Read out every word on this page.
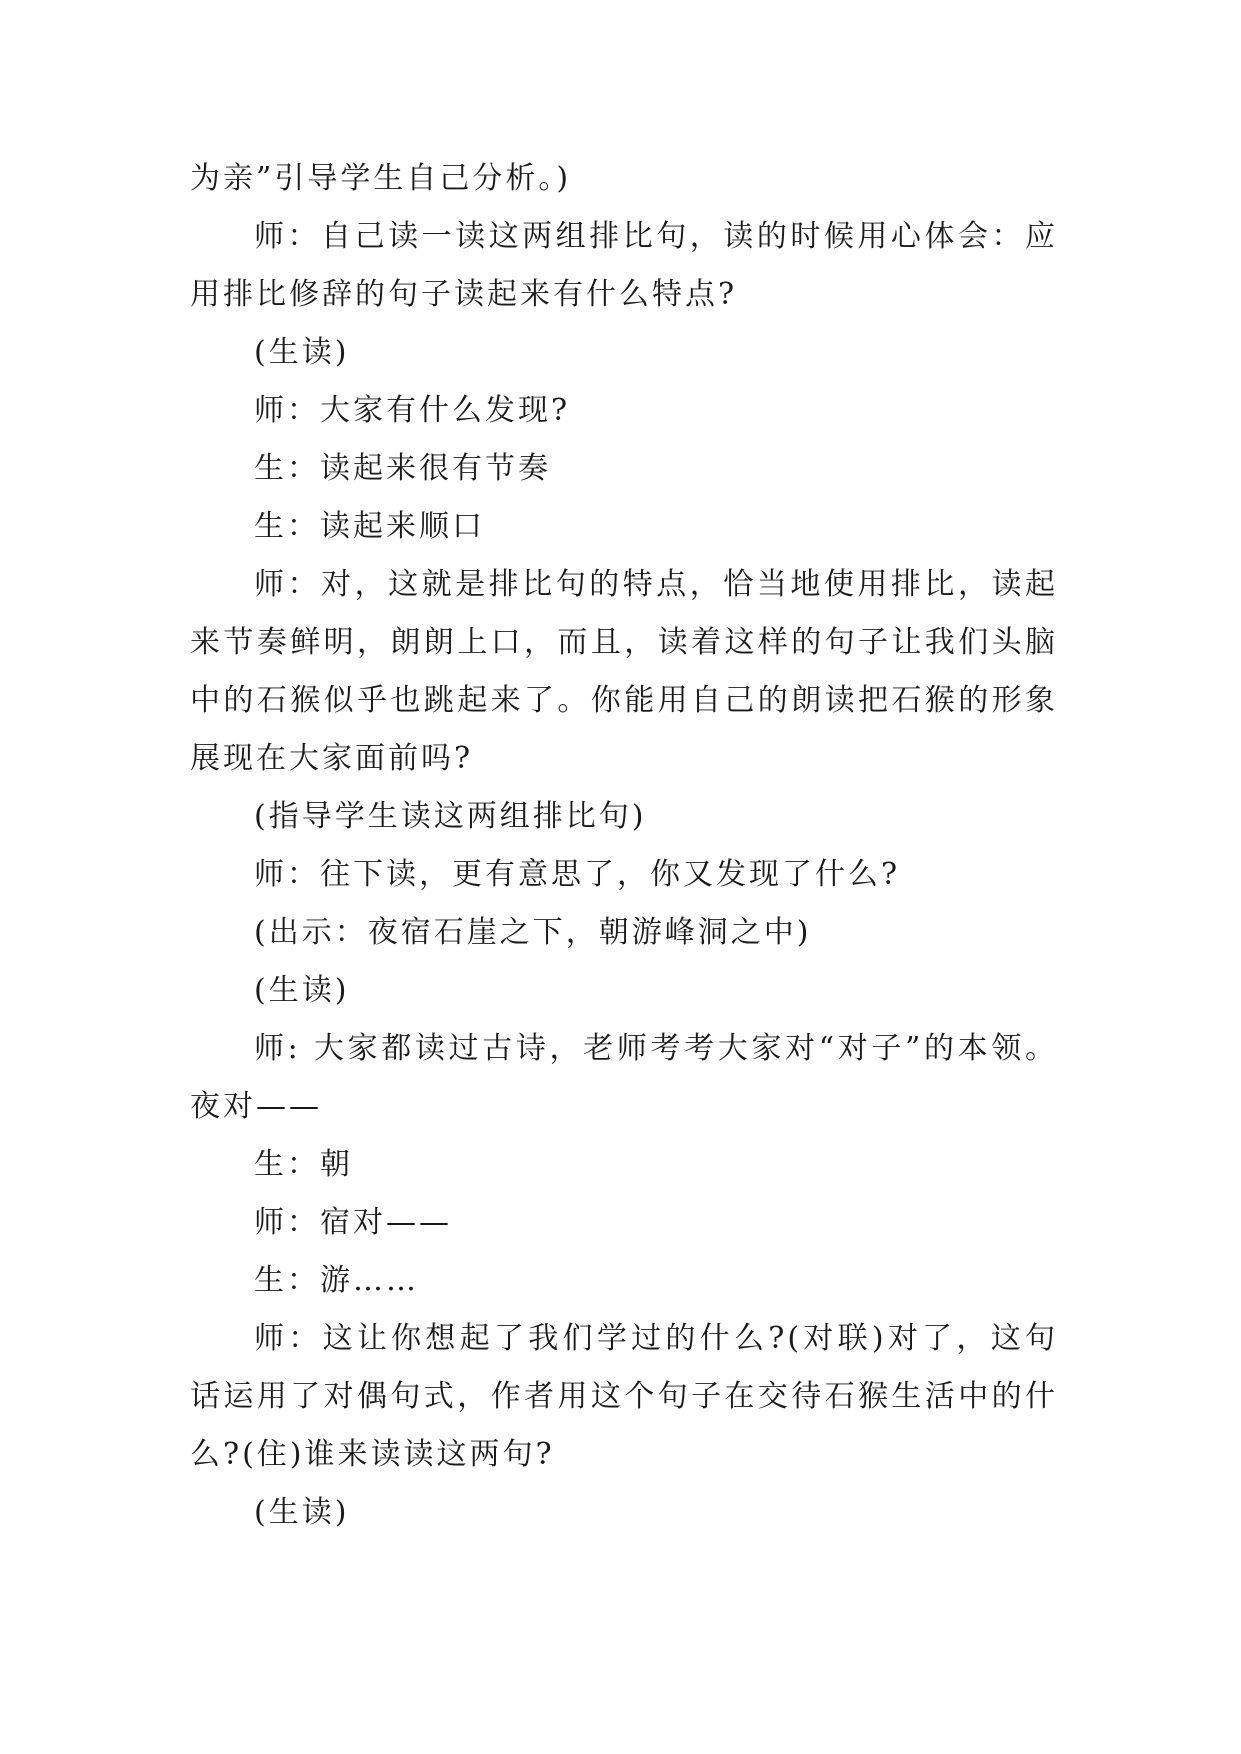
为亲”引导学生自己分析。)
师：自己读一读这两组排比句，读的时候用心体会：应
用排比修辞的句子读起来有什么特点?
(生读)
师：大家有什么发现?
生：读起来很有节奏
生：读起来顺口
师：对，这就是排比句的特点，恰当地使用排比，读起
来节奏鲜明，朗朗上口，而且，读着这样的句子让我们头脑
中的石猴似乎也跳起来了。你能用自己的朗读把石猴的形象
展现在大家面前吗?
(指导学生读这两组排比句)
师：往下读，更有意思了，你又发现了什么?
(出示：夜宿石崖之下，朝游峰洞之中)
(生读)
师: 大家都读过古诗，老师考考大家对“对子”的本领。
夜对——
生：朝
师：宿对——
生：游……
师：这让你想起了我们学过的什么?(对联)对了，这句
话运用了对偶句式，作者用这个句子在交待石猴生活中的什
么?(住)谁来读读这两句?
(生读)
